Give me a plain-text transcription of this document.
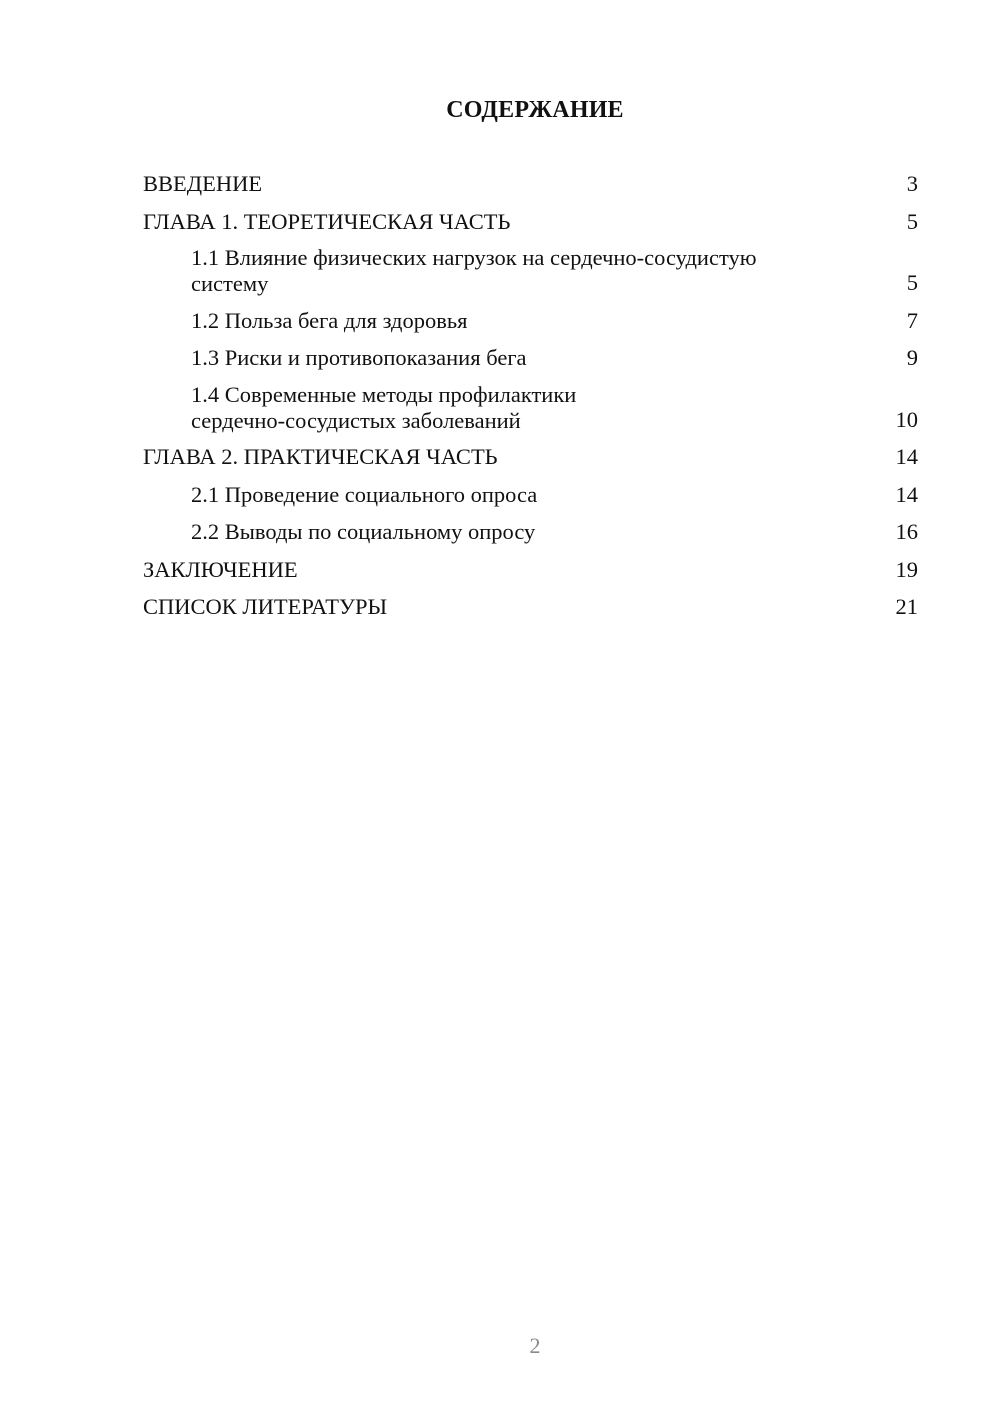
СОДЕРЖАНИЕ
ВВЕДЕНИЕ	3
ГЛАВА 1. ТЕОРЕТИЧЕСКАЯ ЧАСТЬ	5
1.1 Влияние физических нагрузок на сердечно-сосудистую систему	5
1.2 Польза бега для здоровья	7
1.3 Риски и противопоказания бега	9
1.4 Современные методы профилактики сердечно-сосудистых заболеваний	10
ГЛАВА 2. ПРАКТИЧЕСКАЯ ЧАСТЬ	14
2.1 Проведение социального опроса	14
2.2 Выводы по социальному опросу	16
ЗАКЛЮЧЕНИЕ	19
СПИСОК ЛИТЕРАТУРЫ	21
2
